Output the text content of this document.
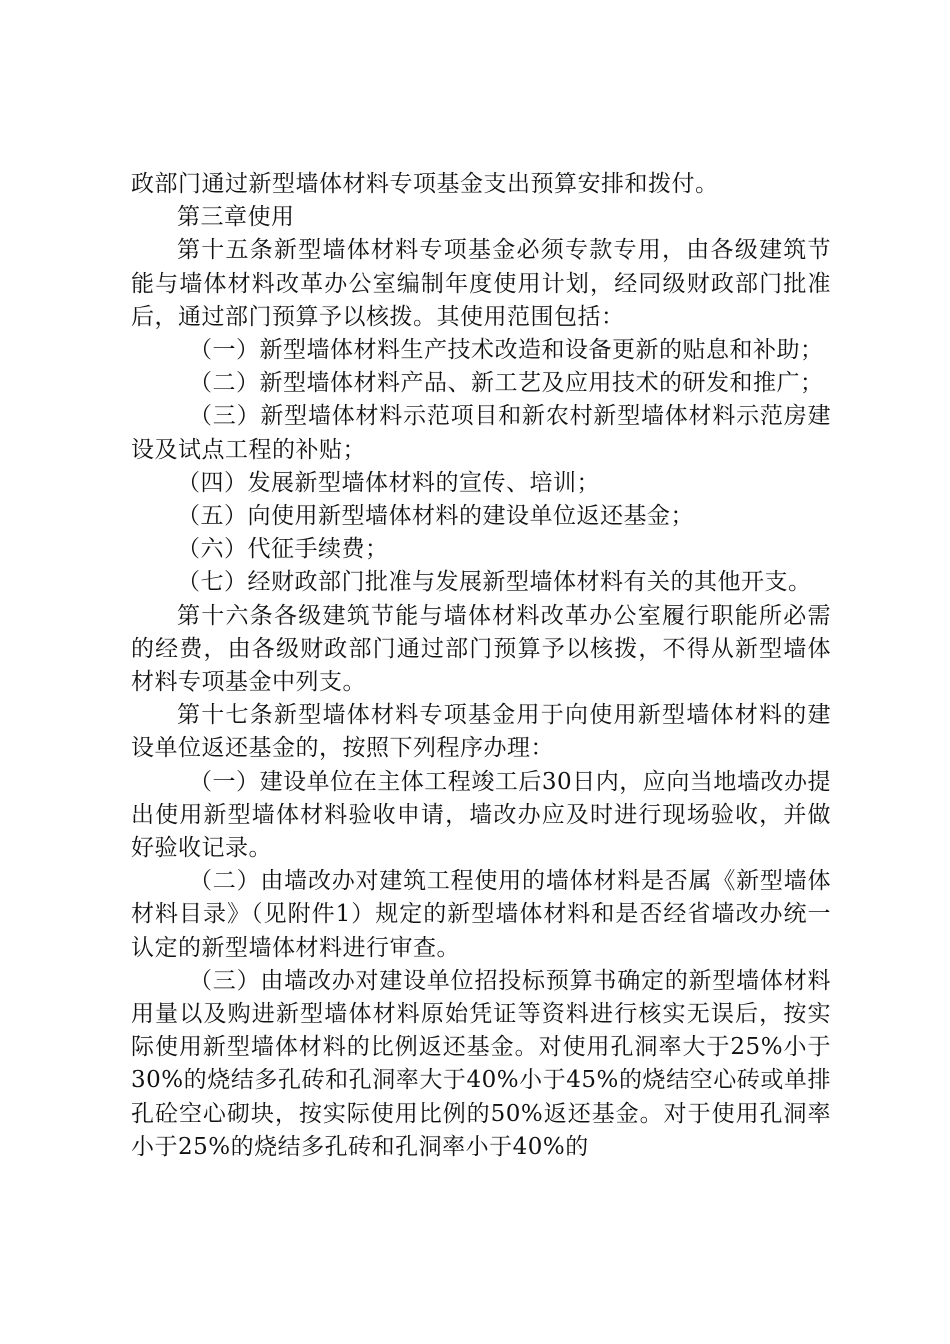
政部门通过新型墙体材料专项基金支出预算安排和拨付。

第三章使用

第十五条新型墙体材料专项基金必须专款专用，由各级建筑节能与墙体材料改革办公室编制年度使用计划，经同级财政部门批准后，通过部门预算予以核拨。其使用范围包括：

（一）新型墙体材料生产技术改造和设备更新的贴息和补助；

（二）新型墙体材料产品、新工艺及应用技术的研发和推广；

（三）新型墙体材料示范项目和新农村新型墙体材料示范房建设及试点工程的补贴；

（四）发展新型墙体材料的宣传、培训；

（五）向使用新型墙体材料的建设单位返还基金；

（六）代征手续费；

（七）经财政部门批准与发展新型墙体材料有关的其他开支。

第十六条各级建筑节能与墙体材料改革办公室履行职能所必需的经费，由各级财政部门通过部门预算予以核拨，不得从新型墙体材料专项基金中列支。

第十七条新型墙体材料专项基金用于向使用新型墙体材料的建设单位返还基金的，按照下列程序办理：

（一）建设单位在主体工程竣工后30日内，应向当地墙改办提出使用新型墙体材料验收申请，墙改办应及时进行现场验收，并做好验收记录。

（二）由墙改办对建筑工程使用的墙体材料是否属《新型墙体材料目录》（见附件1）规定的新型墙体材料和是否经省墙改办统一认定的新型墙体材料进行审查。

（三）由墙改办对建设单位招投标预算书确定的新型墙体材料用量以及购进新型墙体材料原始凭证等资料进行核实无误后，按实际使用新型墙体材料的比例返还基金。对使用孔洞率大于25%小于30%的烧结多孔砖和孔洞率大于40%小于45%的烧结空心砖或单排孔砼空心砌块，按实际使用比例的50%返还基金。对于使用孔洞率小于25%的烧结多孔砖和孔洞率小于40%的
